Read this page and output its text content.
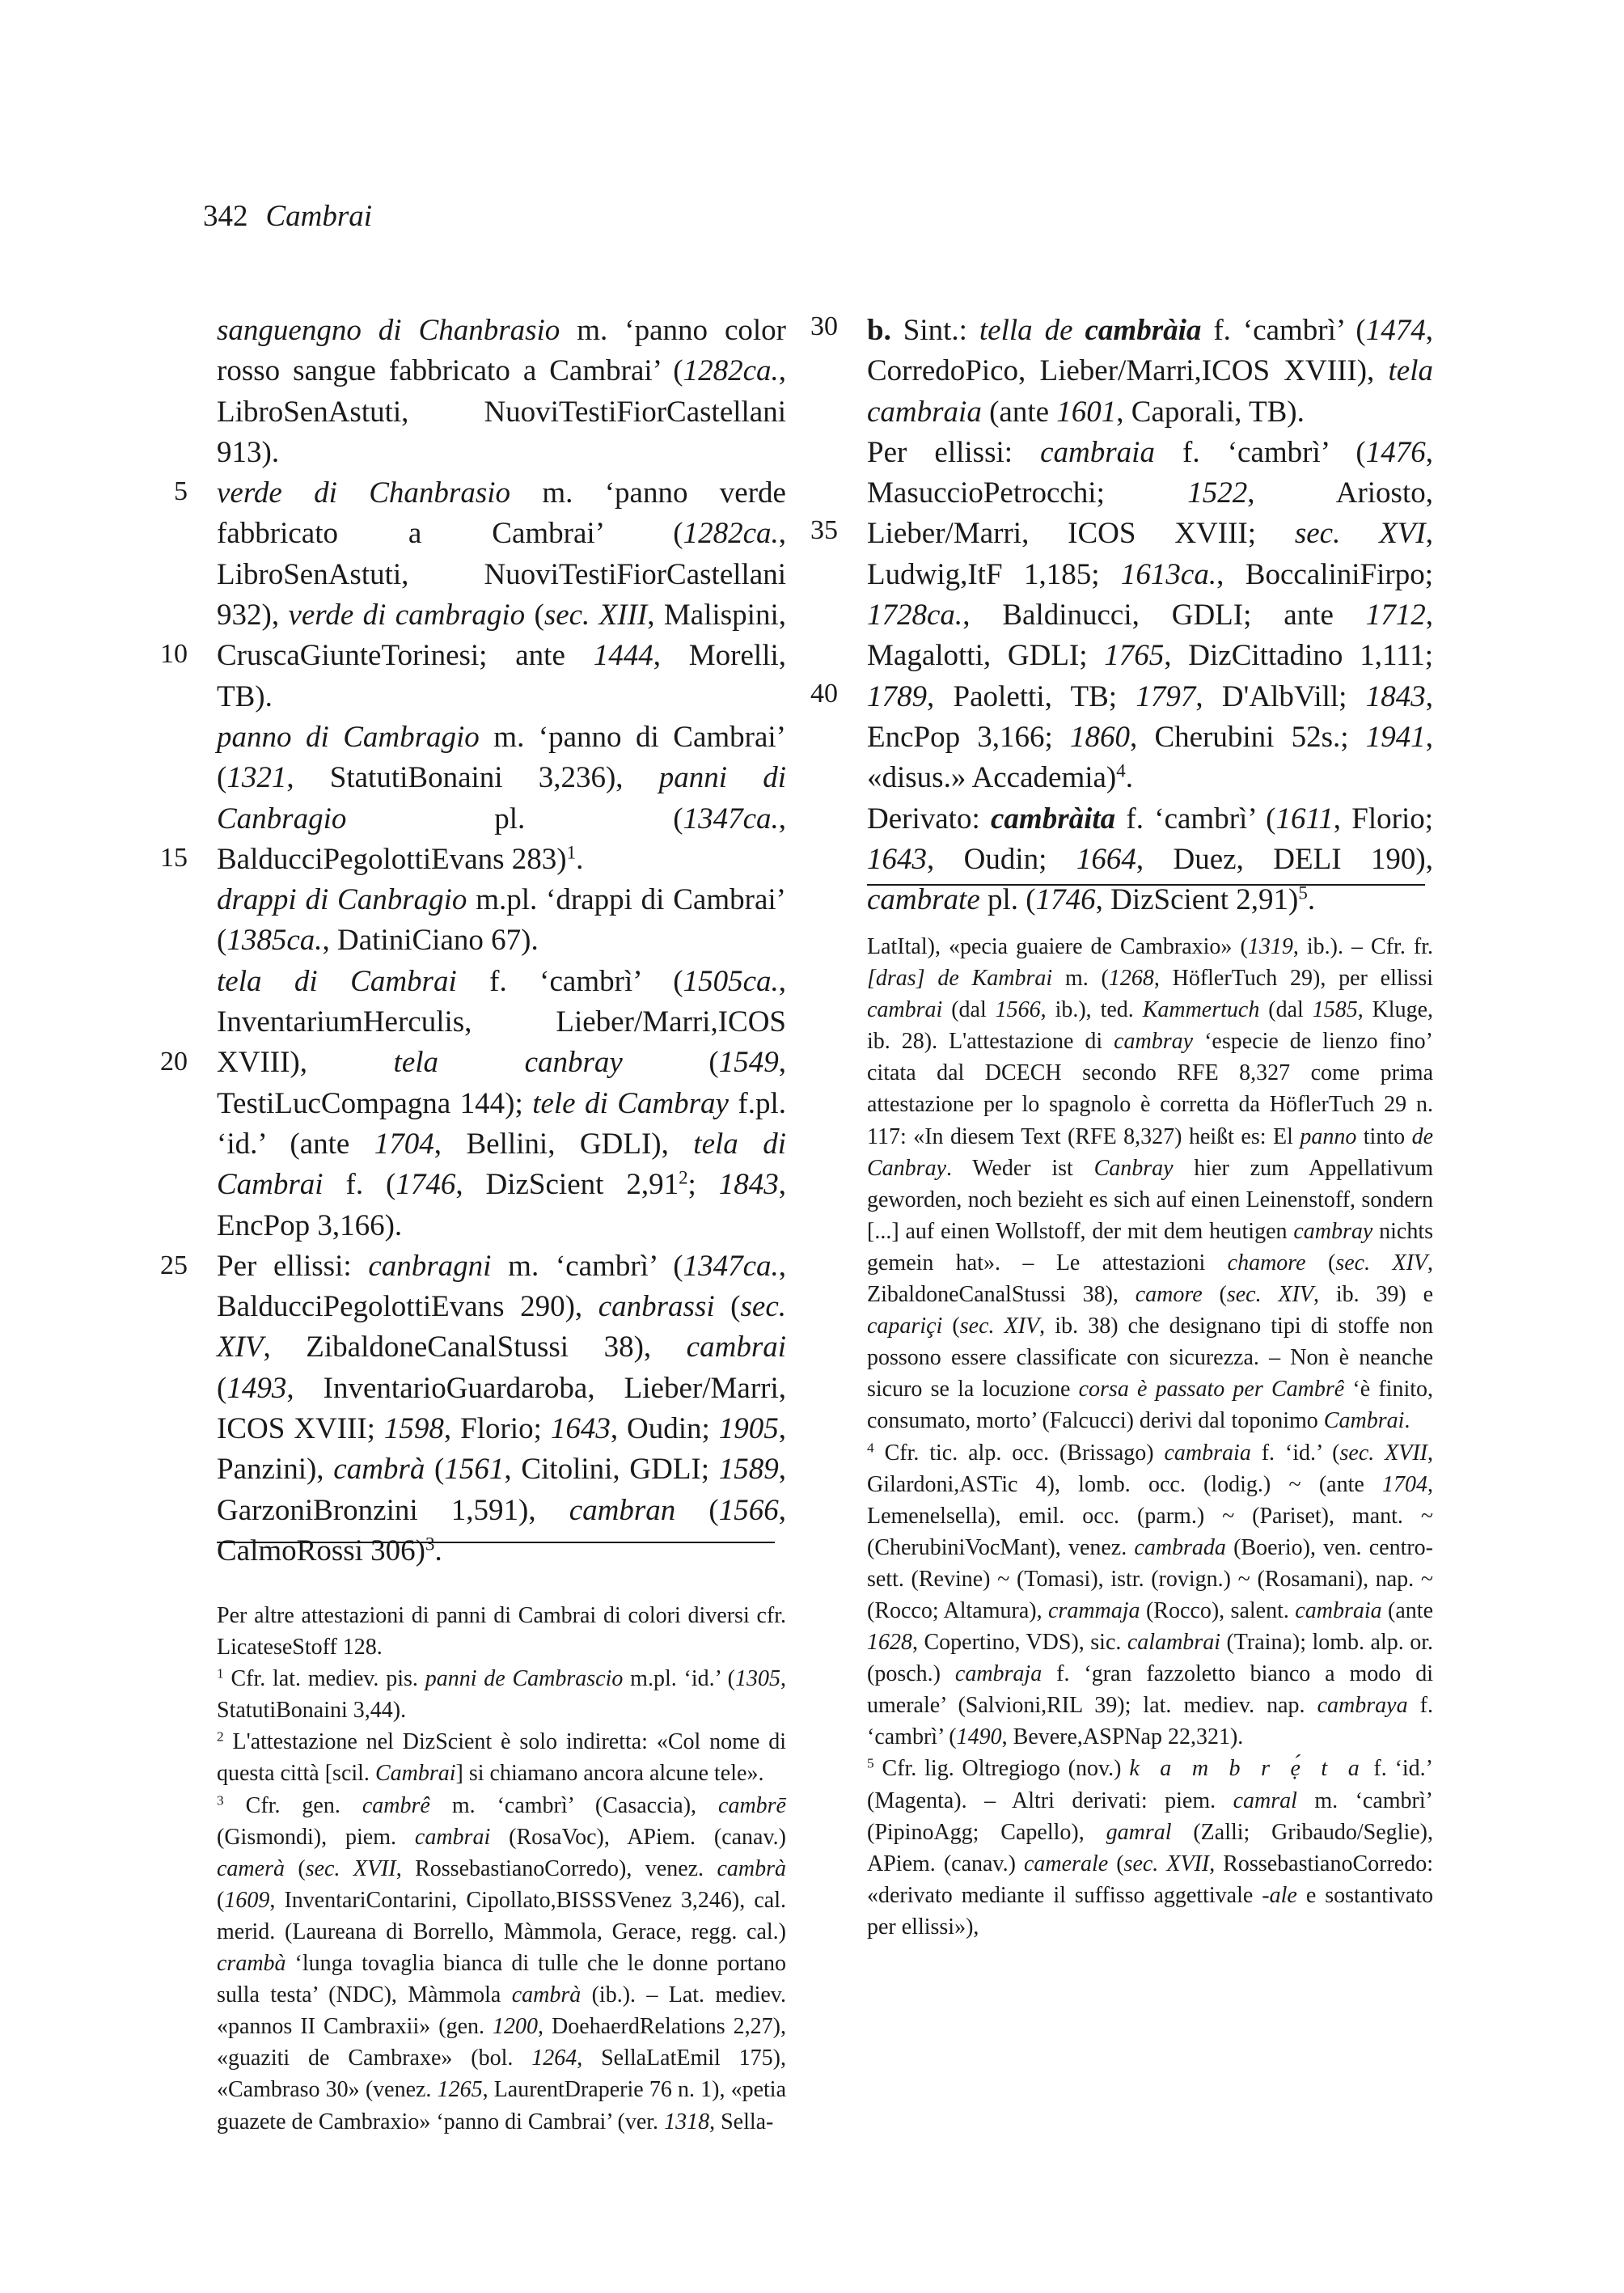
342 Cambrai
5
10
15
20
25
30
35
40

sanguengno di Chanbrasio m. ‘panno color rosso sangue fabbricato a Cambrai’ (1282ca., LibroSenAstuti, NuoviTestiFiorCastellani 913).

verde di Chanbrasio m. ‘panno verde fabbricato a Cambrai’ (1282ca., LibroSenAstuti, NuoviTestiFiorCastellani 932), verde di cambragio (sec. XIII, Malispini, CruscaGiunteTorinesi; ante 1444, Morelli, TB).

panno di Cambragio m. ‘panno di Cambrai’ (1321, StatutiBonaini 3,236), panni di Canbragio pl. (1347ca., BalducciPegolottiEvans 283)$^1$.

drappi di Canbragio m.pl. ‘drappi di Cambrai’ (1385ca., DatiniCiano 67).

tela di Cambrai f. ‘cambrì’ (1505ca., InventariumHerculis, Lieber/Marri,ICOS XVIII), tela canbray (1549, TestiLucCompagna 144); tele di Cambray f.pl. ‘id.’ (ante 1704, Bellini, GDLI), tela di Cambrai f. (1746, DizScient 2,91$^2$; 1843, EncPop 3,166).

Per ellissi: canbragni m. ‘cambrì’ (1347ca., BalducciPegolottiEvans 290), canbrassi (sec. XIV, ZibaldoneCanalStussi 38), cambrai (1493, InventarioGuardaroba, Lieber/Marri, ICOS XVIII; 1598, Florio; 1643, Oudin; 1905, Panzini), cambrà (1561, Citolini, GDLI; 1589, GarzoniBronzini 1,591), cambran (1566, CalmoRossi 306)$^3$.

b. Sint.: tella de cambràia f. ‘cambrì’ (1474, CorredoPico, Lieber/Marri,ICOS XVIII), tela cambraia (ante 1601, Caporali, TB).

Per ellissi: cambraia f. ‘cambrì’ (1476, MasuccioPetrocchi; 1522, Ariosto, Lieber/Marri, ICOS XVIII; sec. XVI, Ludwig,ItF 1,185; 1613ca., BoccaliniFirpo; 1728ca., Baldinucci, GDLI; ante 1712, Magalotti, GDLI; 1765, DizCittadino 1,111; 1789, Paoletti, TB; 1797, D'AlbVill; 1843, EncPop 3,166; 1860, Cherubini 52s.; 1941, «disus.» Accademia)$^4$.

Derivato: cambràita f. ‘cambrì’ (1611, Florio; 1643, Oudin; 1664, Duez, DELI 190), cambrate pl. (1746, DizScient 2,91)$^5$.

Per altre attestazioni di panni di Cambrai di colori diversi cfr. LicateseStoff 128.

$^1$ Cfr. lat. mediev. pis. panni de Cambrascio m.pl. ‘id.’ (1305, StatutiBonaini 3,44).

$^2$ L'attestazione nel DizScient è solo indiretta: «Col nome di questa città [scil. Cambrai] si chiamano ancora alcune tele».

$^3$ Cfr. gen. cambrê m. ‘cambrì’ (Casaccia), cambrē (Gismondi), piem. cambrai (RosaVoc), APiem. (canav.) camerà (sec. XVII, RossebastianoCorredo), venez. cambrà (1609, InventariContarini, Cipollato,BISSSVenez 3,246), cal. merid. (Laureana di Borrello, Màmmola, Gerace, regg. cal.) crambà ‘lunga tovaglia bianca di tulle che le donne portano sulla testa’ (NDC), Màmmola cambrà (ib.). – Lat. mediev. «pannos II Cambraxii» (gen. 1200, DoehaerdRelations 2,27), «guaziti de Cambraxe» (bol. 1264, SellaLatEmil 175), «Cambraso 30» (venez. 1265, LaurentDraperie 76 n. 1), «petia guazete de Cambraxio» ‘panno di Cambrai’ (ver. 1318, Sella-

LatItal), «pecia guaiere de Cambraxio» (1319, ib.). – Cfr. fr. [dras] de Kambrai m. (1268, HöflerTuch 29), per ellissi cambrai (dal 1566, ib.), ted. Kammertuch (dal 1585, Kluge, ib. 28). L'attestazione di cambray ‘especie de lienzo fino’ citata dal DCECH secondo RFE 8,327 come prima attestazione per lo spagnolo è corretta da HöflerTuch 29 n. 117: «In diesem Text (RFE 8,327) heißt es: El panno tinto de Canbray. Weder ist Canbray hier zum Appellativum geworden, noch bezieht es sich auf einen Leinenstoff, sondern [...] auf einen Wollstoff, der mit dem heutigen cambray nichts gemein hat». – Le attestazioni chamore (sec. XIV, ZibaldoneCanalStussi 38), camore (sec. XIV, ib. 39) e capariçi (sec. XIV, ib. 38) che designano tipi di stoffe non possono essere classificate con sicurezza. – Non è neanche sicuro se la locuzione corsa è passato per Cambrê ‘è finito, consumato, morto’ (Falcucci) derivi dal toponimo Cambrai.

$^4$ Cfr. tic. alp. occ. (Brissago) cambraia f. ‘id.’ (sec. XVII, Gilardoni,ASTic 4), lomb. occ. (lodig.) ~ (ante 1704, Lemenelsella), emil. occ. (parm.) ~ (Pariset), mant. ~ (CherubiniVocMant), venez. cambrada (Boerio), ven. centro-sett. (Revine) ~ (Tomasi), istr. (rovign.) ~ (Rosamani), nap. ~ (Rocco; Altamura), crammaja (Rocco), salent. cambraia (ante 1628, Copertino, VDS), sic. calambrai (Traina); lomb. alp. or. (posch.) cambraja f. ‘gran fazzoletto bianco a modo di umerale’ (Salvioni,RIL 39); lat. mediev. nap. cambraya f. ‘cambrì’ (1490, Bevere,ASPNap 22,321).

$^5$ Cfr. lig. Oltregiogo (nov.) k a m b r ẹ́ t a f. ‘id.’ (Magenta). – Altri derivati: piem. camral m. ‘cambrì’ (PipinoAgg; Capello), gamral (Zalli; Gribaudo/Seglie), APiem. (canav.) camerale (sec. XVII, RossebastianoCorredo: «derivato mediante il suffisso aggettivale -ale e sostantivato per ellissi»),
